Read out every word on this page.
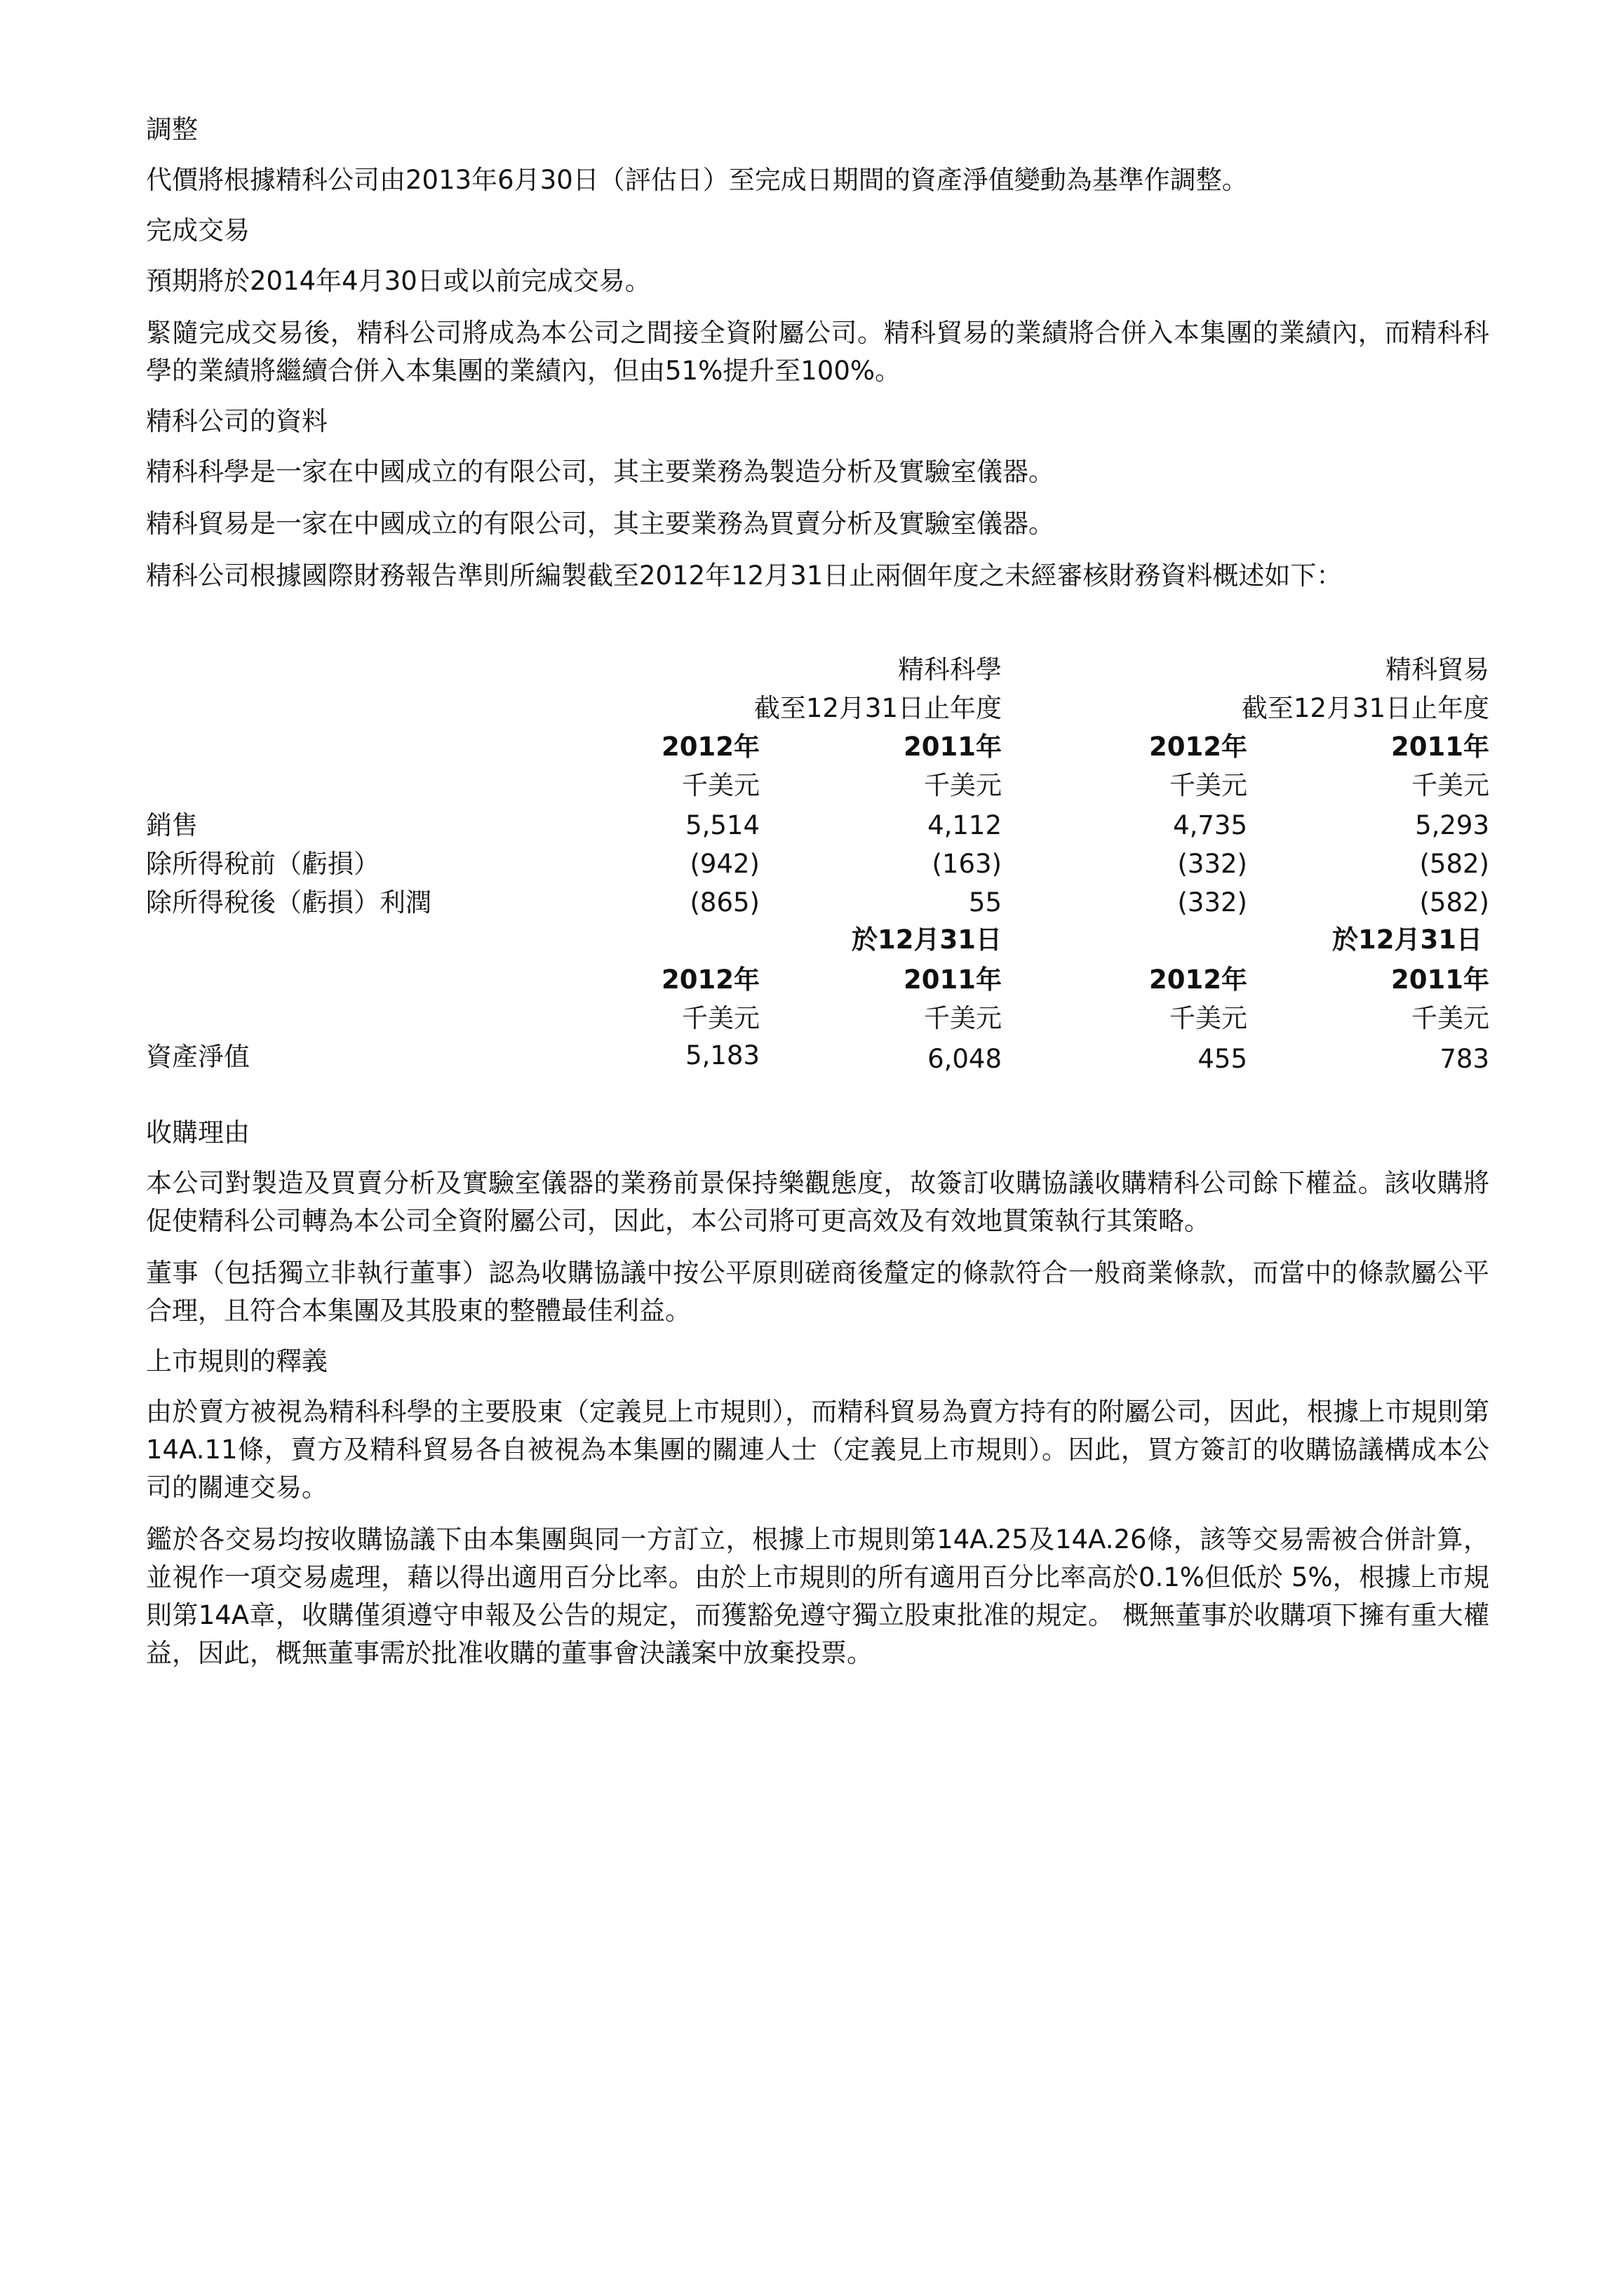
調整
代價將根據精科公司由2013年6月30日（評估日）至完成日期間的資產淨值變動為基準作調整。
完成交易
預期將於2014年4月30日或以前完成交易。
緊隨完成交易後，精科公司將成為本公司之間接全資附屬公司。精科貿易的業績將合併入本集團的業績內，而精科科學的業績將繼續合併入本集團的業績內，但由51%提升至100%。
精科公司的資料
精科科學是一家在中國成立的有限公司，其主要業務為製造分析及實驗室儀器。
精科貿易是一家在中國成立的有限公司，其主要業務為買賣分析及實驗室儀器。
精科公司根據國際財務報告準則所編製截至2012年12月31日止兩個年度之未經審核財務資料概述如下：
精科科學	精科貿易
截至12月31日止年度	截至12月31日止年度
2012年	2011年	2012年	2011年
千美元	千美元	千美元	千美元
銷售	5,514	4,112	4,735	5,293
除所得稅前（虧損）	(942)	(163)	(332)	(582)
除所得稅後（虧損）利潤	(865)	55	(332)	(582)
於12月31日	於12月31日
2012年	2011年	2012年	2011年
千美元	千美元	千美元	千美元
資產淨值	5,183	6,048	455	783
收購理由
本公司對製造及買賣分析及實驗室儀器的業務前景保持樂觀態度，故簽訂收購協議收購精科公司餘下權益。該收購將促使精科公司轉為本公司全資附屬公司，因此，本公司將可更高效及有效地貫策執行其策略。
董事（包括獨立非執行董事）認為收購協議中按公平原則磋商後釐定的條款符合一般商業條款，而當中的條款屬公平合理，且符合本集團及其股東的整體最佳利益。
上市規則的釋義
由於賣方被視為精科科學的主要股東（定義見上市規則），而精科貿易為賣方持有的附屬公司，因此，根據上市規則第14A.11條，賣方及精科貿易各自被視為本集團的關連人士（定義見上市規則）。因此，買方簽訂的收購協議構成本公司的關連交易。
鑑於各交易均按收購協議下由本集團與同一方訂立，根據上市規則第14A.25及14A.26條，該等交易需被合併計算，並視作一項交易處理，藉以得出適用百分比率。由於上市規則的所有適用百分比率高於0.1%但低於 5%，根據上市規則第14A章，收購僅須遵守申報及公告的規定，而獲豁免遵守獨立股東批准的規定。 概無董事於收購項下擁有重大權益，因此，概無董事需於批准收購的董事會決議案中放棄投票。
